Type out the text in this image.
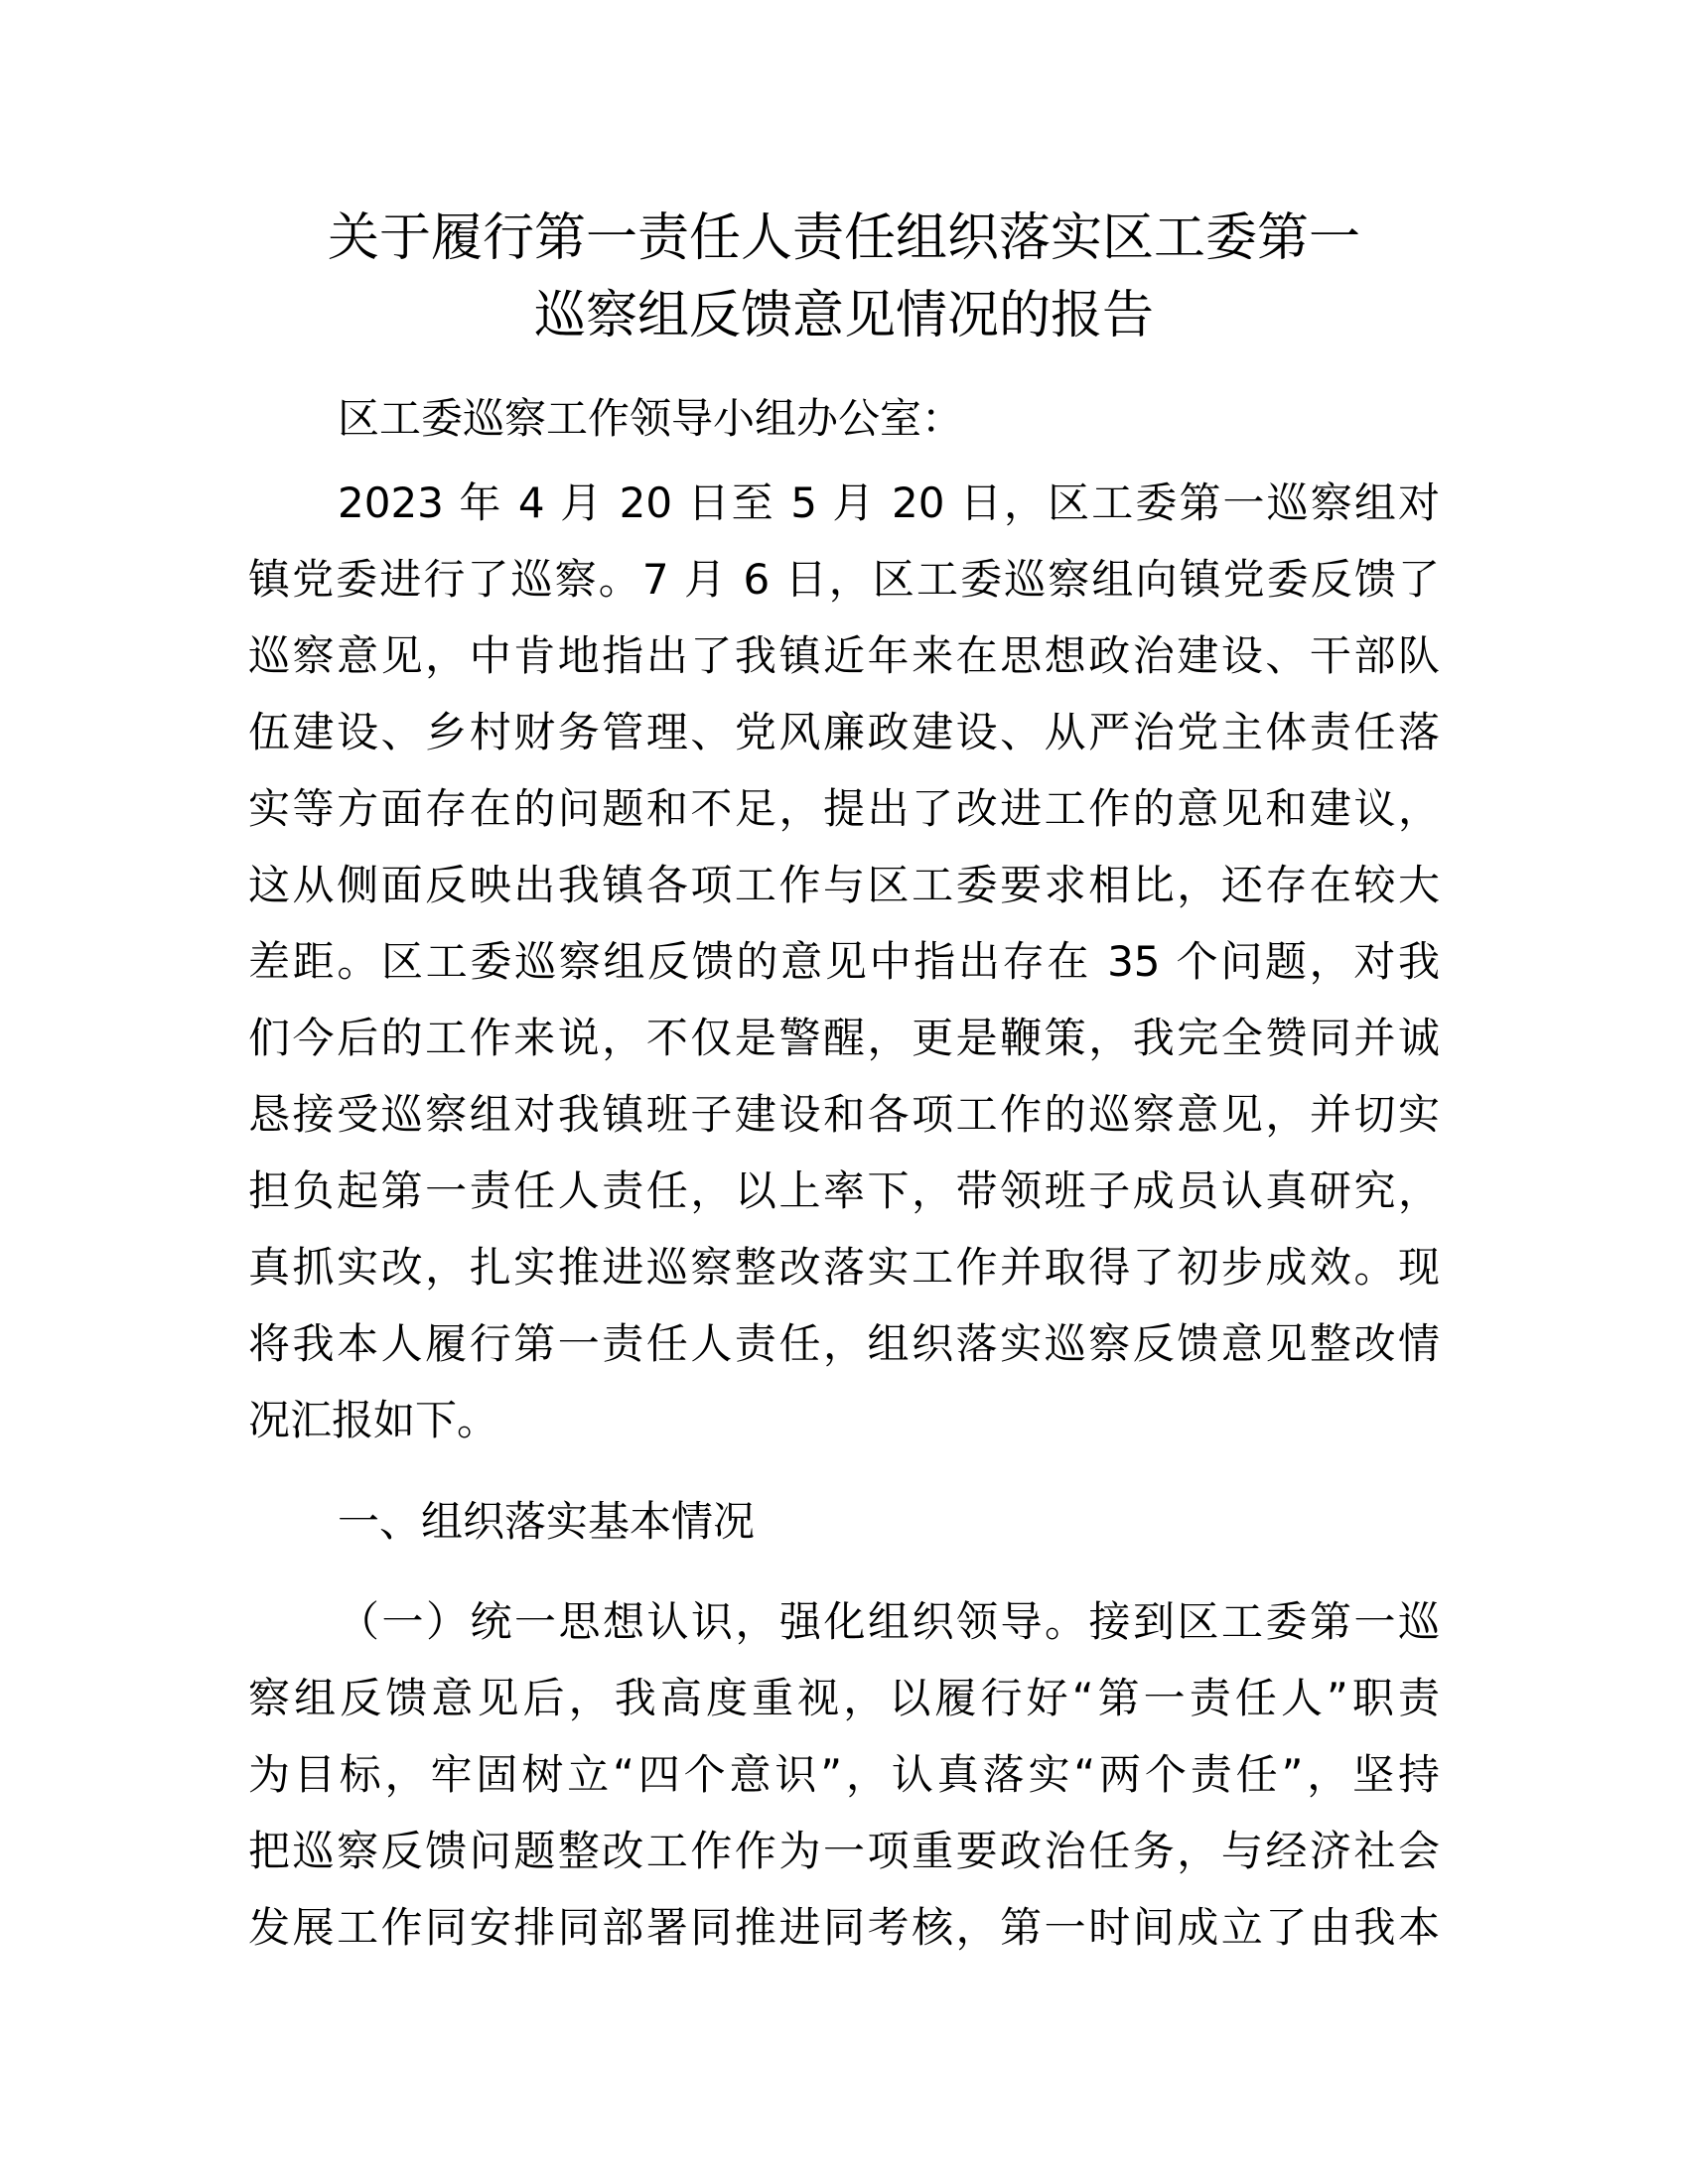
关于履行第一责任人责任组织落实区工委第一
巡察组反馈意见情况的报告
区工委巡察工作领导小组办公室：
2023 年 4 月 20 日至 5 月 20 日，区工委第一巡察组对
镇党委进行了巡察。7 月 6 日，区工委巡察组向镇党委反馈了
巡察意见，中肯地指出了我镇近年来在思想政治建设、干部队
伍建设、乡村财务管理、党风廉政建设、从严治党主体责任落
实等方面存在的问题和不足，提出了改进工作的意见和建议，
这从侧面反映出我镇各项工作与区工委要求相比，还存在较大
差距。区工委巡察组反馈的意见中指出存在 35 个问题，对我
们今后的工作来说，不仅是警醒，更是鞭策，我完全赞同并诚
恳接受巡察组对我镇班子建设和各项工作的巡察意见，并切实
担负起第一责任人责任，以上率下，带领班子成员认真研究，
真抓实改，扎实推进巡察整改落实工作并取得了初步成效。现
将我本人履行第一责任人责任，组织落实巡察反馈意见整改情
况汇报如下。
一、组织落实基本情况
（一）统一思想认识，强化组织领导。接到区工委第一巡
察组反馈意见后，我高度重视，以履行好“第一责任人”职责
为目标，牢固树立“四个意识”，认真落实“两个责任”，坚持
把巡察反馈问题整改工作作为一项重要政治任务，与经济社会
发展工作同安排同部署同推进同考核，第一时间成立了由我本
